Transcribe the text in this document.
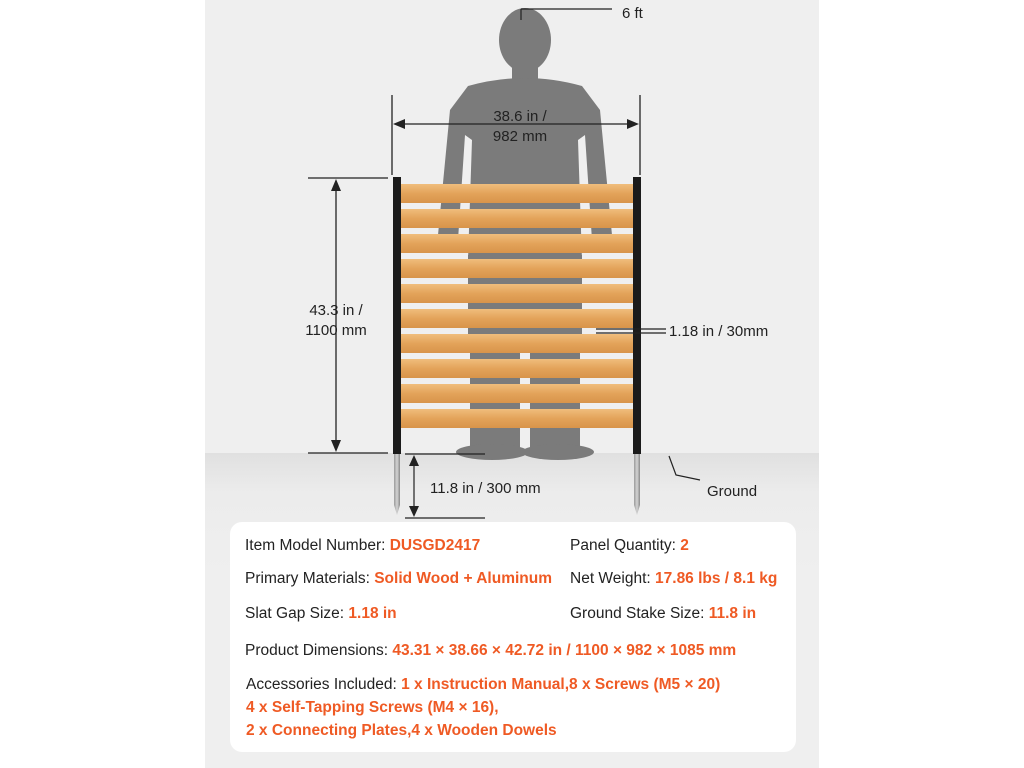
6 ft
38.6 in /
982 mm
43.3 in /
1100 mm	1.18 in / 30mm
11.8 in / 300 mm	Ground
Item Model Number: DUSGD2417	Panel Quantity: 2
Primary Materials: Solid Wood + Aluminum Net Weight: 17.86 lbs / 8.1 kg
Slat Gap Size: 1.18 in	Ground Stake Size: 11.8 in
Product Dimensions: 43.31 × 38.66 × 42.72 in / 1100 × 982 × 1085 mm
Accessories Included: 1 x Instruction Manual,8 x Screws (M5 × 20)
4 x Self-Tapping Screws (M4 × 16),
2 x Connecting Plates,4 x Wooden Dowels
